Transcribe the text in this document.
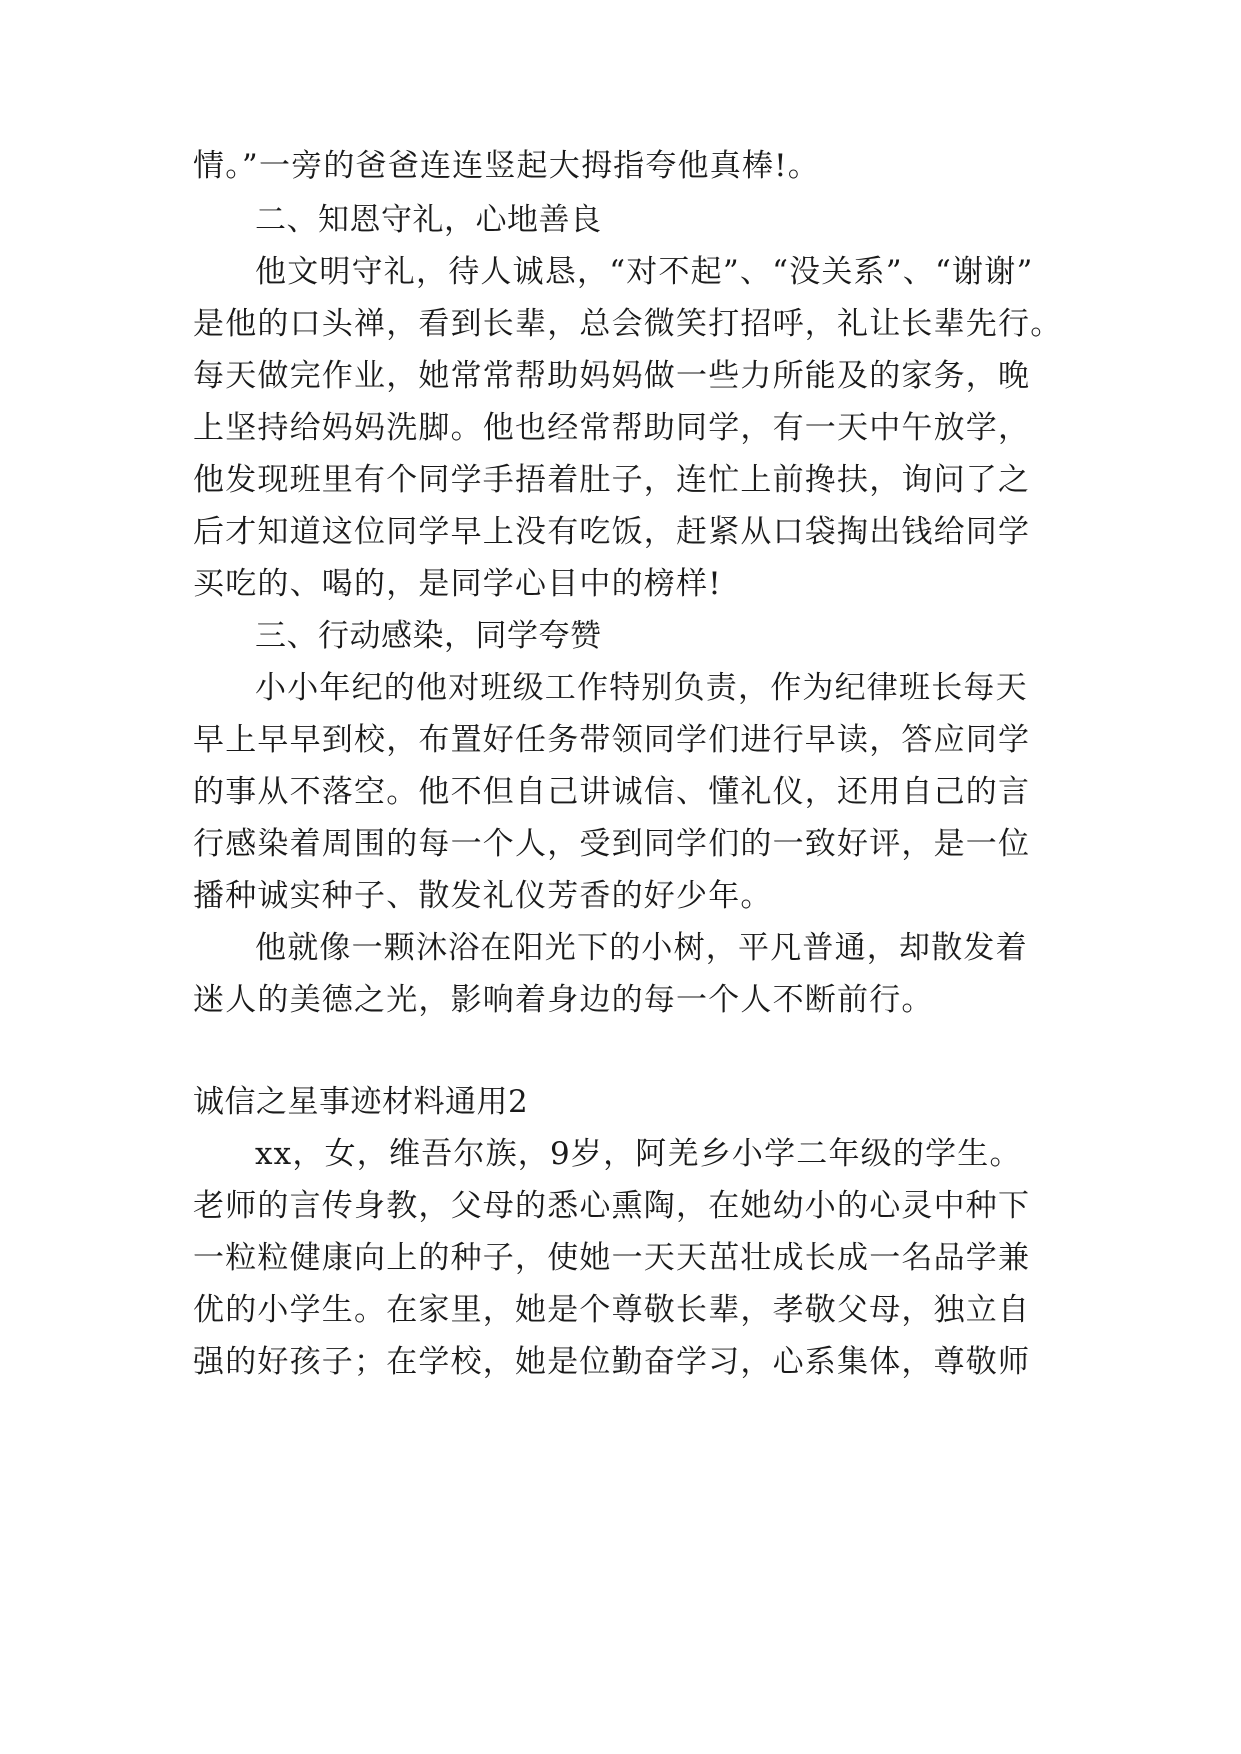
情。”一旁的爸爸连连竖起大拇指夸他真棒!。
二、知恩守礼，心地善良
他文明守礼，待人诚恳，“对不起”、“没关系”、“谢谢”
是他的口头禅，看到长辈，总会微笑打招呼，礼让长辈先行。
每天做完作业，她常常帮助妈妈做一些力所能及的家务，晚
上坚持给妈妈洗脚。他也经常帮助同学，有一天中午放学，
他发现班里有个同学手捂着肚子，连忙上前搀扶，询问了之
后才知道这位同学早上没有吃饭，赶紧从口袋掏出钱给同学
买吃的、喝的，是同学心目中的榜样!
三、行动感染，同学夸赞
小小年纪的他对班级工作特别负责，作为纪律班长每天
早上早早到校，布置好任务带领同学们进行早读，答应同学
的事从不落空。他不但自己讲诚信、懂礼仪，还用自己的言
行感染着周围的每一个人，受到同学们的一致好评，是一位
播种诚实种子、散发礼仪芳香的好少年。
他就像一颗沐浴在阳光下的小树，平凡普通，却散发着
迷人的美德之光，影响着身边的每一个人不断前行。
诚信之星事迹材料通用2
xx，女，维吾尔族，9岁，阿羌乡小学二年级的学生。
老师的言传身教，父母的悉心熏陶，在她幼小的心灵中种下
一粒粒健康向上的种子，使她一天天茁壮成长成一名品学兼
优的小学生。在家里，她是个尊敬长辈，孝敬父母，独立自
强的好孩子；在学校，她是位勤奋学习，心系集体，尊敬师
